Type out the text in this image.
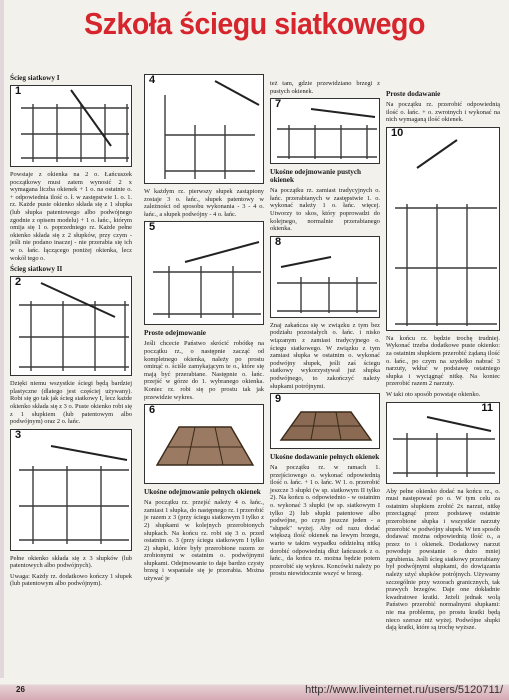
Szkoła ściegu siatkowego
Ścieg siatkowy I
1

Powstaje z okienka na 2 o. Łańcuszek początkowy musi zatem wynosić 2 x wymagana liczba okienek + 1 o. na ostatnie o. + odpowiednia ilość o. ł. w zastępstwie 1. o. 1. rz. Każde puste okienko składa się z 1 słupka (lub słupka patentowego albo podwójnego zgodnie z opisem modelu) + 1 o. łańc., którym omija się 1 o. poprzedniego rz. Każde pełne okienko składa się z 2 słupków, przy czym - jeśli nie podano inaczej - nie przerabia się ich w o. łańc. łączącego poniżej okienka, lecz wokół tego o.

Ścieg siatkowy II
2

Dzięki niemu wszystkie ściegi będą bardziej plastyczne (dlatego jest częściej używany). Robi się go tak jak ścieg siatkowy I, lecz każde okienko składa się z 3 o. Puste okienko robi się z 1 słupkiem (lub patentowym albo podwójnym) oraz 2 o. łańc.

3

Pełne okienko składa się z 3 słupków (lub patentowych albo podwójnych).

Uwaga: Każdy rz. dodatkowo kończy 1 słupek (lub patentowym albo podwójnym).

4

W każdym rz. pierwszy słupek zastąpiony zostaje 3 o. łańc., słupek patentowy w zależności od sposobu wykonania - 3 - 4 o. łańc., a słupek podwójny - 4 o. łańc.

5
Proste odejmowanie

Jeśli chcecie Państwo skrócić robótkę na początku rz., o następnie zacząć od kompletnego okienka, należy po prostu ominąć o. ściśle zamykającym te o., które się mają być przerabiane. Następnie o. łańc. przejść w górze do 1. wybranego okienka. Koniec rz. robi się po prostu tak jak przewidzie wykres.

6
Ukośne odejmowanie pełnych okienek

Na początku rz. przejść należy 4 o. łańc., zamiast 1 słupka, do następnego rz. i przerobić je razem z 3 (przy ściegu siatkowym I tylko z 2) słupkami w kolejnych przerobionych słupkach. Na końcu rz. robi się 3 o. przed ostatnim o. 3 (przy ściegu siatkowym I tylko 2) słupki, które były przerobione razem ze zrobionymi w ostatnim o. podwójnymi słupkami. Odejmowanie to daje bardzo czysty brzeg i wspaniale się je przerabia. Można używać je

też tam, gdzie przewidziano brzegi z pustych okienek.

7
Ukośne odejmowanie pustych okienek

Na początku rz. zamiast tradycyjnych o. łańc. przerabianych w zastępstwie 1. o. wykonać należy 1 o. łańc. więcej. Utworzy to skos, który poprowadzi do kolejnego, normalnie przerabianego okienka.

8

Znaj zakańcza się w związku z tym bez podziału pozostałych o. łańc. i nisko wiązanym z zamiast tradycyjnego o. ściegu siatkowego. W związku z tym zamiast słupka w ostatnim o. wykonać podwójny słupek, jeśli zaś ściegu siatkowy wykorzystywał już słupka podwójnego, to zakończyć należy słupkami potrójnymi.

9
Ukośne dodawanie pełnych okienek

Na początku rz. w ramach 1. przejściowego o. wykonać odpowiednią ilość o. łańc. + 1 o. łańc. W 1. o. przerobić jeszcze 3 słupki (w sp. siatkowym II tylko 2). Na końcu o. odpowiednio - w ostatnim o. wykonać 3 słupki (w sp. siatkowym I tylko 2) lub słupki patentowe albo podwójne, po czym jeszcze jeden - a "słupek" wyżej. Aby od razu dodać większą ilość okienek na lewym brzegu, warto w takim wypadku oddzielną nitką dorobić odpowiednią dłuż łańcuszek z o. łańc., da końcu rz. można będzie potem przerobić się wykres. Koncówki należy po prostu niewidocznie wszyć w brzeg.

Proste dodawanie

Na początku rz. przerobić odpowiednią ilość o. łańc. + o. zwrotnych i wykonać na nich wymaganą ilość okienek.

10

Na końcu rz. będzie trochę trudniej. Wykonać trzeba dodatkowe puste okienko: za ostatnim słupkiem przerobić żądaną ilość o. łańc., po czym na szydełko nabrać 3 narzuty, wkłuć w podstawę ostatniego słupka i wyciągnąć nitkę. Na koniec przerobić razem 2 narzuty.

W taki oto sposób powstaje okienko.

11

Aby pełne okienko dodać na końcu rz., o. musi następować po o. W tym celu za ostatnim słupkiem zrobić 2x narzut, nitkę przeciągnąć przez podstawę ostatnie przerobione słupka i wszystkie narzuty przerobić w podwójny słupek. W ten sposób dodawać można odpowiednią ilość o., a przez to i okienek. Dodatkowy narzut powoduje powstanie o dużo mniej zgrubienia. Jeśli ścieg siatkowy przerabiany był podwójnymi słupkami, do dowiązania należy użyć słupków potrójnych. Używamy szczególnie przy wzorach granicznych, tak prawych brzegów. Daje one dokładnie kwadratowe kratki. Jeżeli jednak wolą Państwo przerobić normalnymi słupkami: nie ma problemu, po prostu kratki będą nieco szersze niż wyżej. Podwójne słupki dają kratki, które są trochę wyższe.

26	http://www.liveinternet.ru/users/5120711/
